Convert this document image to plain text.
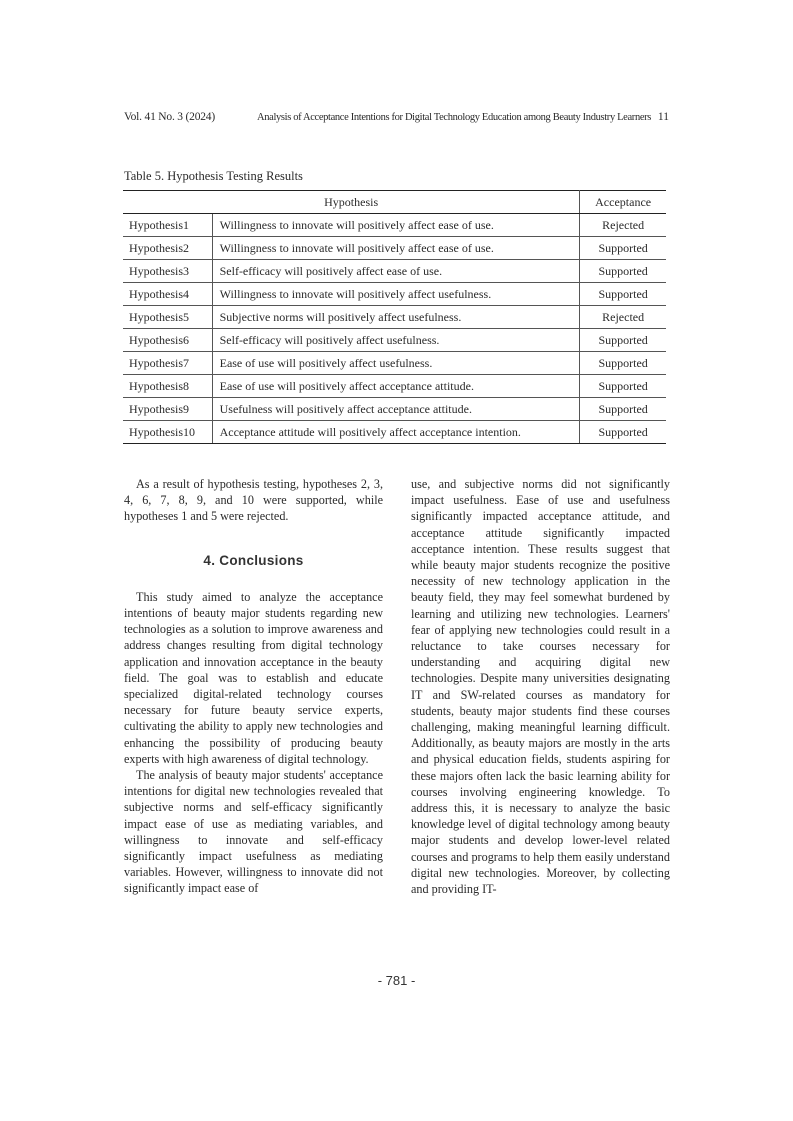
Vol. 41 No. 3 (2024)	Analysis of Acceptance Intentions for Digital Technology Education among Beauty Industry Learners 11
Table 5. Hypothesis Testing Results
Hypothesis		Acceptance
Hypothesis1	Willingness to innovate will positively affect ease of use.	Rejected
Hypothesis2	Willingness to innovate will positively affect ease of use.	Supported
Hypothesis3	Self-efficacy will positively affect ease of use.	Supported
Hypothesis4	Willingness to innovate will positively affect usefulness.	Supported
Hypothesis5	Subjective norms will positively affect usefulness.	Rejected
Hypothesis6	Self-efficacy will positively affect usefulness.	Supported
Hypothesis7	Ease of use will positively affect usefulness.	Supported
Hypothesis8	Ease of use will positively affect acceptance attitude.	Supported
Hypothesis9	Usefulness will positively affect acceptance attitude.	Supported
Hypothesis10	Acceptance attitude will positively affect acceptance intention.	Supported

As a result of hypothesis testing, hypotheses 2, 3, 4, 6, 7, 8, 9, and 10 were supported, while hypotheses 1 and 5 were rejected.

4. Conclusions

This study aimed to analyze the acceptance intentions of beauty major students regarding new technologies as a solution to improve awareness and address changes resulting from digital technology application and innovation acceptance in the beauty field. The goal was to establish and educate specialized digital-related technology courses necessary for future beauty service experts, cultivating the ability to apply new technologies and enhancing the possibility of producing beauty experts with high awareness of digital technology.

The analysis of beauty major students' acceptance intentions for digital new technologies revealed that subjective norms and self-efficacy significantly impact ease of use as mediating variables, and willingness to innovate and self-efficacy significantly impact usefulness as mediating variables. However, willingness to innovate did not significantly impact ease of

use, and subjective norms did not significantly impact usefulness. Ease of use and usefulness significantly impacted acceptance attitude, and acceptance attitude significantly impacted acceptance intention. These results suggest that while beauty major students recognize the positive necessity of new technology application in the beauty field, they may feel somewhat burdened by learning and utilizing new technologies. Learners' fear of applying new technologies could result in a reluctance to take courses necessary for understanding and acquiring digital new technologies. Despite many universities designating IT and SW-related courses as mandatory for students, beauty major students find these courses challenging, making meaningful learning difficult. Additionally, as beauty majors are mostly in the arts and physical education fields, students aspiring for these majors often lack the basic learning ability for courses involving engineering knowledge. To address this, it is necessary to analyze the basic knowledge level of digital technology among beauty major students and develop lower-level related courses and programs to help them easily understand digital new technologies. Moreover, by collecting and providing IT-

- 781 -
